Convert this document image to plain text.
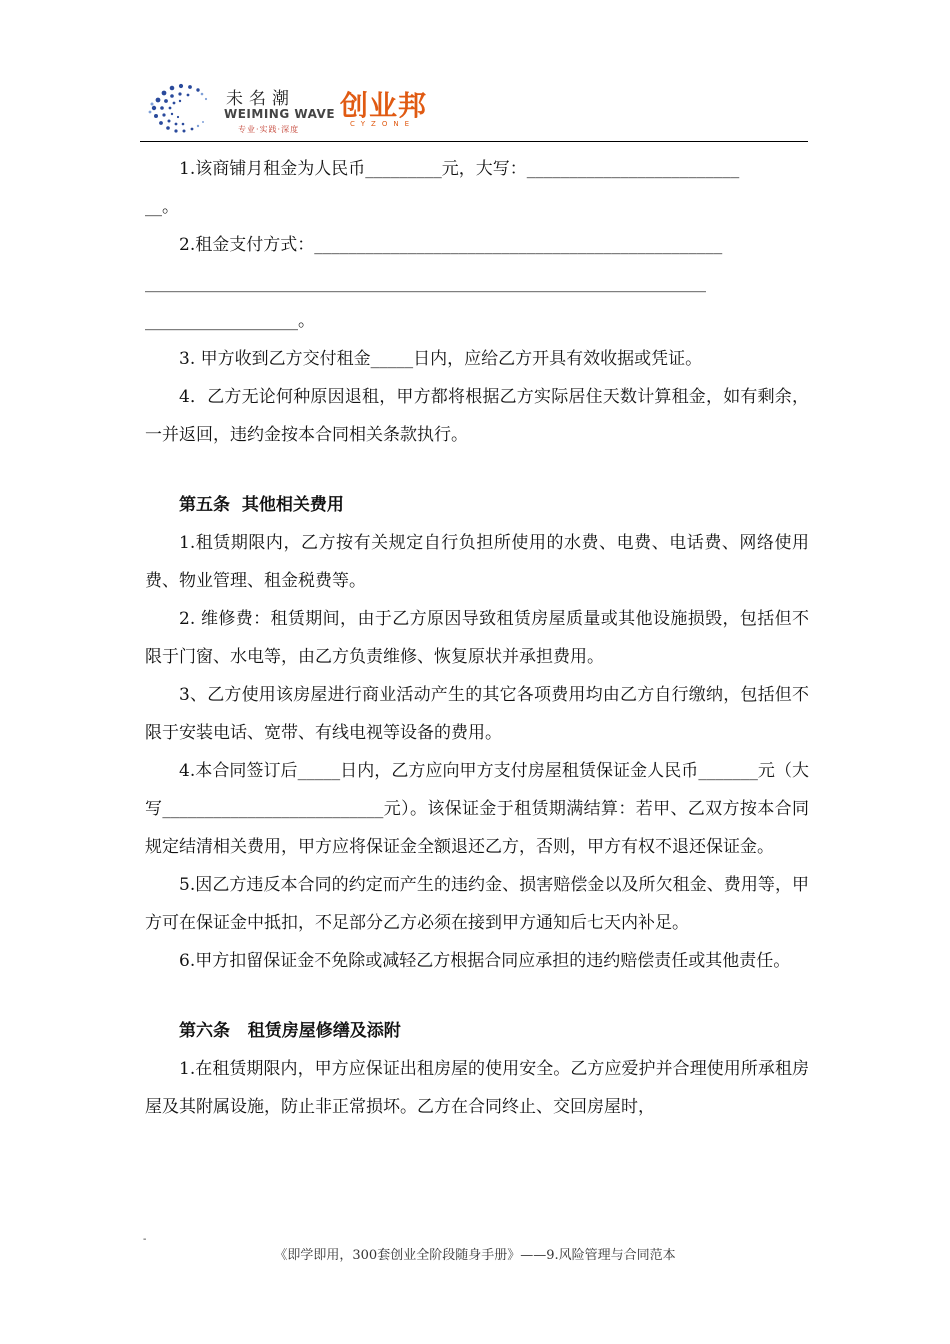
未名潮
WEIMING WAVE
专业·实践·深度
创业邦
CYZONE

1.该商铺月租金为人民币_________元，大写：_________________________

__。

2.租金支付方式：________________________________________________

__________________________________________________________________

__________________。

3. 甲方收到乙方交付租金_____日内，应给乙方开具有效收据或凭证。

4．乙方无论何种原因退租，甲方都将根据乙方实际居住天数计算租金，如有剩余，一并返回，违约金按本合同相关条款执行。

第五条  其他相关费用

1.租赁期限内，乙方按有关规定自行负担所使用的水费、电费、电话费、网络使用费、物业管理、租金税费等。

2. 维修费：租赁期间，由于乙方原因导致租赁房屋质量或其他设施损毁，包括但不限于门窗、水电等，由乙方负责维修、恢复原状并承担费用。

3、乙方使用该房屋进行商业活动产生的其它各项费用均由乙方自行缴纳，包括但不限于安装电话、宽带、有线电视等设备的费用。

4.本合同签订后_____日内，乙方应向甲方支付房屋租赁保证金人民币_______元（大写__________________________元）。该保证金于租赁期满结算：若甲、乙双方按本合同规定结清相关费用，甲方应将保证金全额退还乙方，否则，甲方有权不退还保证金。

5.因乙方违反本合同的约定而产生的违约金、损害赔偿金以及所欠租金、费用等，甲方可在保证金中抵扣，不足部分乙方必须在接到甲方通知后七天内补足。

6.甲方扣留保证金不免除或减轻乙方根据合同应承担的违约赔偿责任或其他责任。

第六条   租赁房屋修缮及添附

1.在租赁期限内，甲方应保证出租房屋的使用安全。乙方应爱护并合理使用所承租房屋及其附属设施，防止非正常损坏。乙方在合同终止、交回房屋时，

-
《即学即用，300套创业全阶段随身手册》——9.风险管理与合同范本
